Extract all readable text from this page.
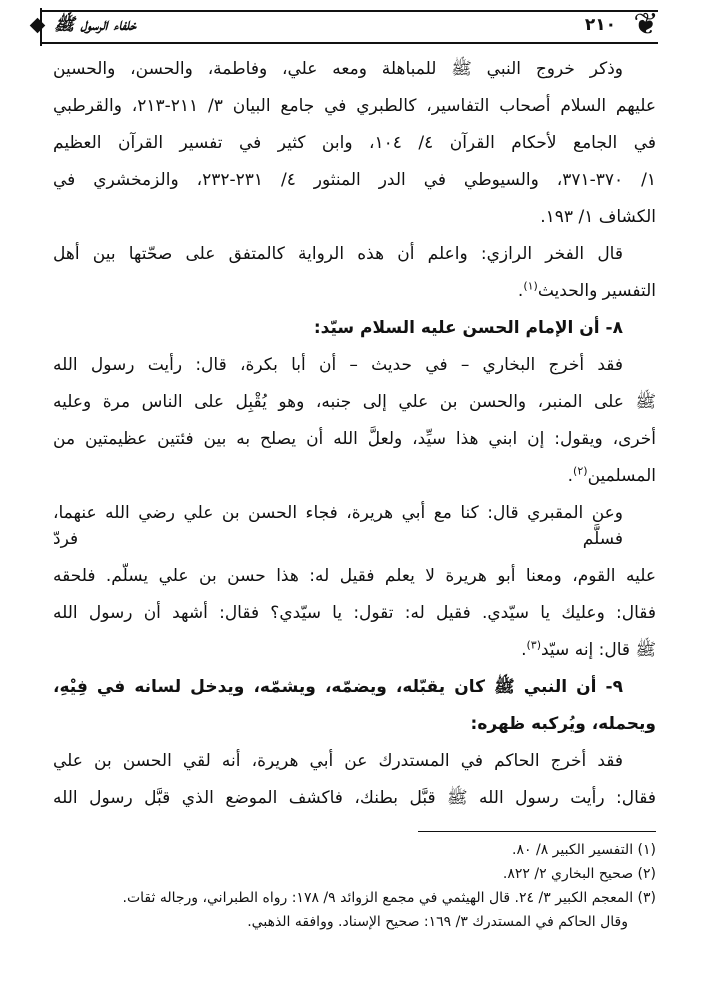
خلفاء الرسول ﷺ	٢١٠ ❦
وذكر خروج النبي ﷺ للمباهلة ومعه علي، وفاطمة، والحسن، والحسين
عليهم السلام أصحاب التفاسير، كالطبري في جامع البيان ٣/ ٢١١-٢١٣، والقرطبي
في الجامع لأحكام القرآن ٤/ ١٠٤، وابن كثير في تفسير القرآن العظيم
١/ ٣٧٠-٣٧١، والسيوطي في الدر المنثور ٤/ ٢٣١-٢٣٢، والزمخشري في
الكشاف ١/ ١٩٣.
قال الفخر الرازي: واعلم أن هذه الرواية كالمتفق على صحّتها بين أهل
التفسير والحديث$^{(١)}$.
٨- أن الإمام الحسن عليه السلام سيّد:
فقد أخرج البخاري – في حديث – أن أبا بكرة، قال: رأيت رسول الله
ﷺ على المنبر، والحسن بن علي إلى جنبه، وهو يُقْبِل على الناس مرة وعليه
أخرى، ويقول: إن ابني هذا سيِّد، ولعلَّ الله أن يصلح به بين فئتين عظيمتين من
المسلمين$^{(٢)}$.
وعن المقبري قال: كنا مع أبي هريرة، فجاء الحسن بن علي رضي الله عنهما، فسلَّم فردّ
عليه القوم، ومعنا أبو هريرة لا يعلم فقيل له: هذا حسن بن علي يسلّم. فلحقه
فقال: وعليك يا سيّدي. فقيل له: تقول: يا سيّدي؟ فقال: أشهد أن رسول الله
ﷺ قال: إنه سيّد$^{(٣)}$.
٩- أن النبي ﷺ كان يقبّله، ويضمّه، ويشمّه، ويدخل لسانه في فِيْهِ،
ويحمله، ويُركبه ظهره:
فقد أخرج الحاكم في المستدرك عن أبي هريرة، أنه لقي الحسن بن علي
فقال: رأيت رسول الله ﷺ قبَّل بطنك، فاكشف الموضع الذي قبَّل رسول الله
(١) التفسير الكبير ٨/ ٨٠.
(٢) صحيح البخاري ٢/ ٨٢٢.
(٣) المعجم الكبير ٣/ ٢٤. قال الهيثمي في مجمع الزوائد ٩/ ١٧٨: رواه الطبراني، ورجاله ثقات.
وقال الحاكم في المستدرك ٣/ ١٦٩: صحيح الإسناد. ووافقه الذهبي.
